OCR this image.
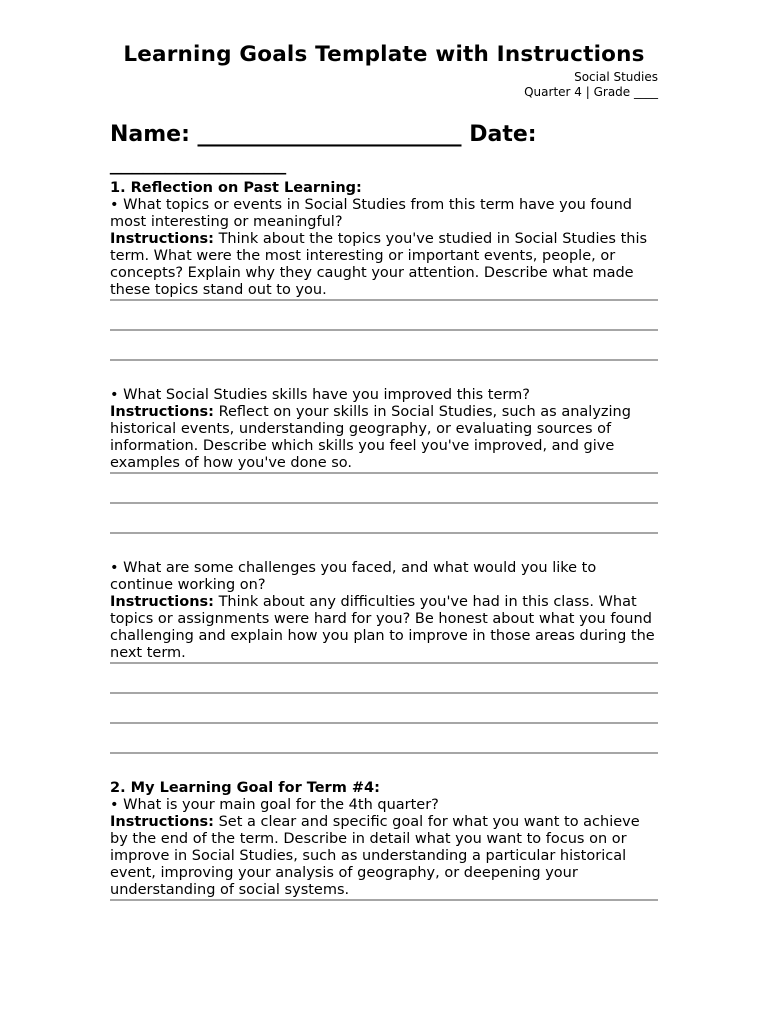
Learning Goals Template with Instructions
Social Studies
Quarter 4 | Grade ____
Name: ________________________ Date:
________________
1. Reflection on Past Learning:
• What topics or events in Social Studies from this term have you found most interesting or meaningful?
Instructions: Think about the topics you've studied in Social Studies this term. What were the most interesting or important events, people, or concepts? Explain why they caught your attention. Describe what made these topics stand out to you.
• What Social Studies skills have you improved this term?
Instructions: Reflect on your skills in Social Studies, such as analyzing historical events, understanding geography, or evaluating sources of information. Describe which skills you feel you've improved, and give examples of how you've done so.
• What are some challenges you faced, and what would you like to continue working on?
Instructions: Think about any difficulties you've had in this class. What topics or assignments were hard for you? Be honest about what you found challenging and explain how you plan to improve in those areas during the next term.
2. My Learning Goal for Term #4:
• What is your main goal for the 4th quarter?
Instructions: Set a clear and specific goal for what you want to achieve by the end of the term. Describe in detail what you want to focus on or improve in Social Studies, such as understanding a particular historical event, improving your analysis of geography, or deepening your understanding of social systems.
